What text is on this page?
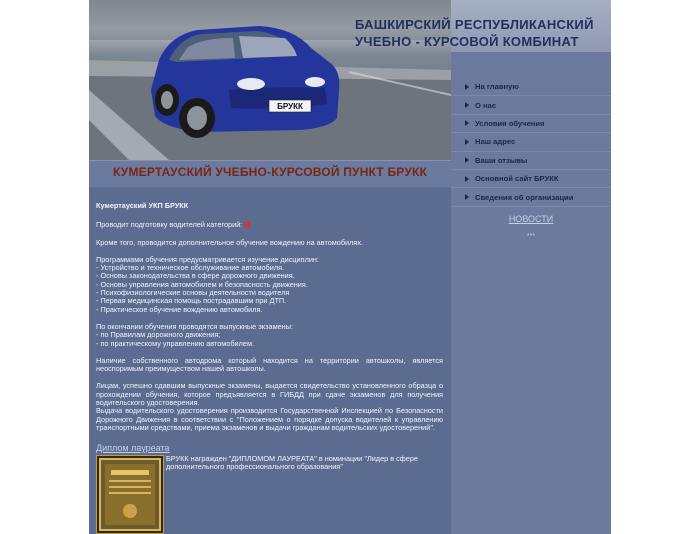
БРУКК
БАШКИРСКИЙ РЕСПУБЛИКАНСКИЙ
УЧЕБНО - КУРСОВОЙ КОМБИНАТ
На главную
О нас
Условия обучения
Наш адрес
Ваши отзывы
Основной сайт БРУКК
Сведения об организации
НОВОСТИ
***
КУМЕРТАУСКИЙ УЧЕБНО-КУРСОВОЙ ПУНКТ БРУКК

Кумертауский УКП БРУКК

Проводит подготовку водителей категорий:

Кроме того, проводится дополнительное обучение вождению на автомобилях.

Программами обучения предусматривается изучение дисциплин:
- Устройство и техническое обслуживание автомобиля.
- Основы законодательства в сфере дорожного движения.
- Основы управления автомобилем и безопасность движения.
- Психофизиологические основы деятельности водителя
- Первая медицинская помощь пострадавшим при ДТП.
- Практическое обучение вождению автомобиля.

По окончании обучения проводятся выпускные экзамены:
- по Правилам дорожного движения;
- по практическому управлению автомобилем.

Наличие собственного автодрома который находится на территории автошколы, является неоспоримым преимуществом нашей автошколы.

Лицам, успешно сдавшим выпускные экзамены, выдается свидетельство установленного образца о прохождении обучения, которое предъявляется в ГИБДД при сдаче экзаменов для получения водительского удостоверения.

Выдача водительского удостоверения производится Государственной Инспекцией по Безопасности Дорожного Движения в соответствии с "Положением о порядке допуска водителей к управлению транспортными средствами, приема экзаменов и выдачи гражданам водительских удостоверений".

Диплом лауреата
БРУКК награжден "ДИПЛОМОМ ЛАУРЕАТА" в номинации "Лидер в сфере дополнительного профессионального образования"
